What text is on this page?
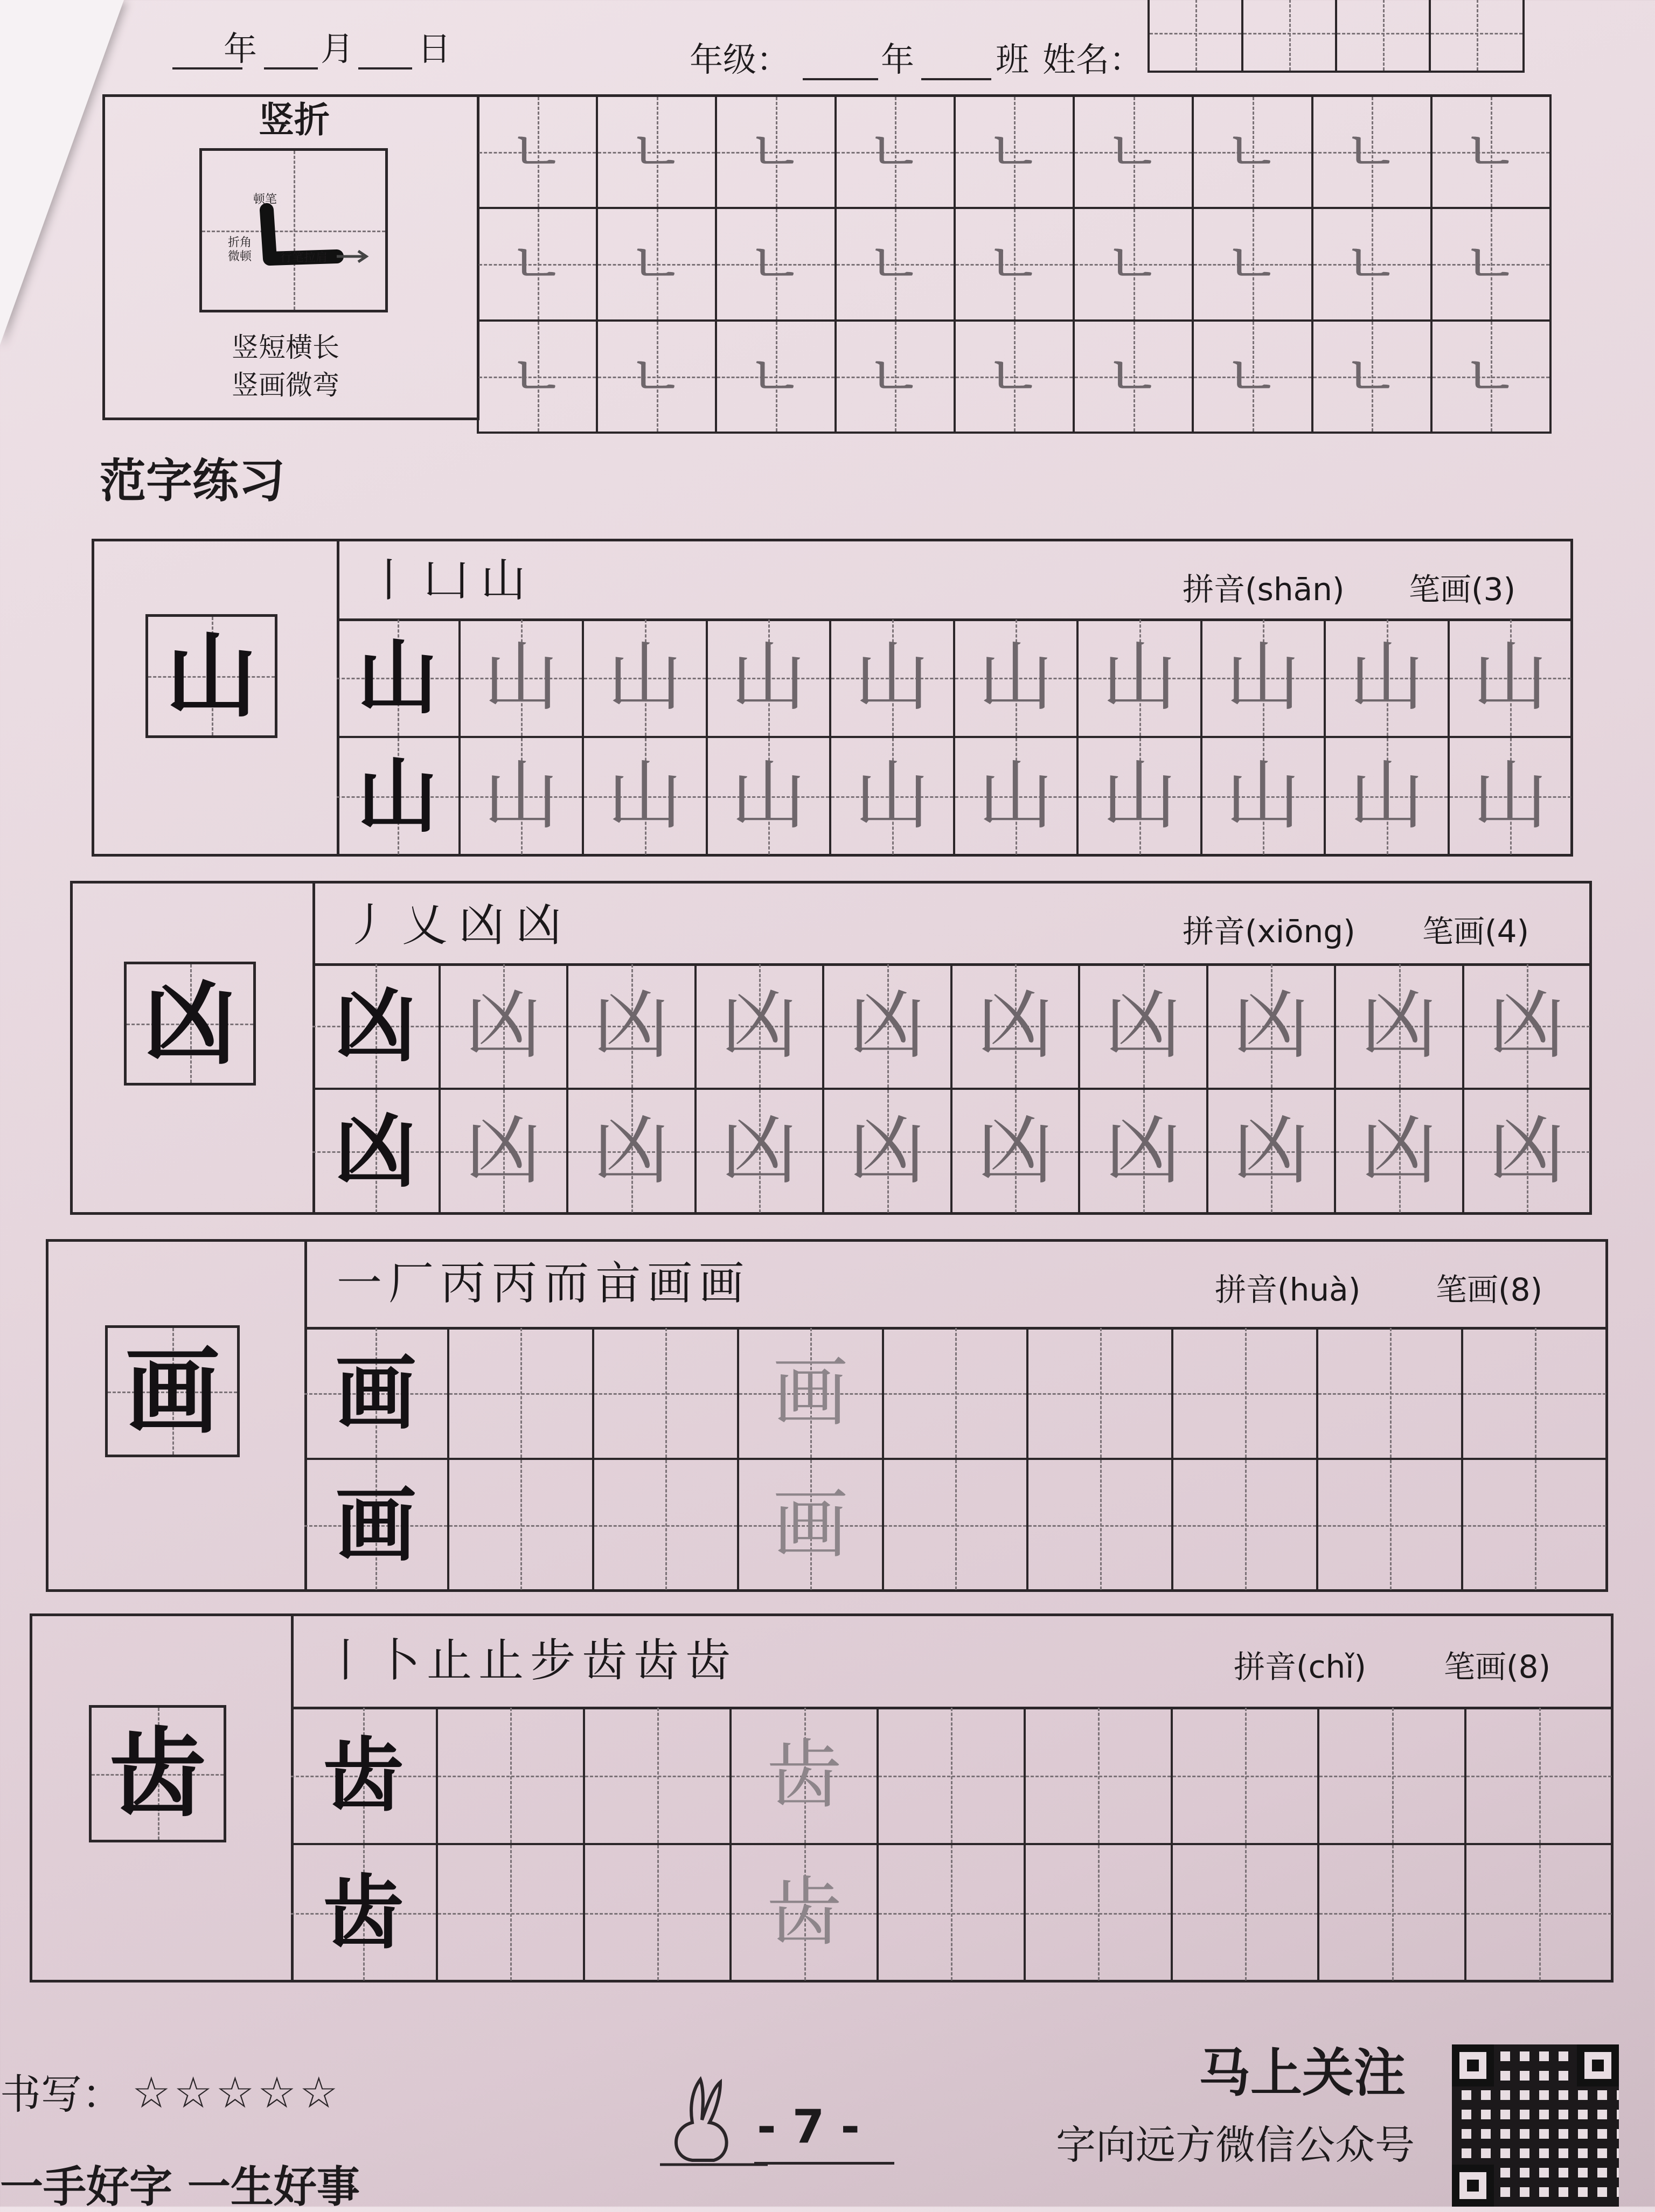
年 月 日	年级：	年 班 姓名：
竖折
顿笔
折角
微顿 行笔拉肩
竖短横长
竖画微弯
ㄴ	ㄴ	ㄴ	ㄴ	ㄴ	ㄴ	ㄴ	ㄴ	ㄴ
ㄴ	ㄴ	ㄴ	ㄴ	ㄴ	ㄴ	ㄴ	ㄴ	ㄴ
ㄴ	ㄴ	ㄴ	ㄴ	ㄴ	ㄴ	ㄴ	ㄴ	ㄴ
范字练习
山
丨凵山	拼音(shān) 笔画(3)
山 山 山 山 山 山 山 山 山 山
山 山 山 山 山 山 山 山 山 山
凶
丿乂凶凶	拼音(xiōng) 笔画(4)
凶 凶 凶 凶 凶 凶 凶 凶 凶 凶
凶 凶 凶 凶 凶 凶 凶 凶 凶 凶
画
一厂丙丙而亩画画	拼音(huà) 笔画(8)
画	画
画	画
齿
丨卜止止步齿齿齿	拼音(chǐ) 笔画(8)
齿	齿
齿	齿
书写： ☆☆☆☆☆
- 7 -
马上关注
字向远方微信公众号
一手好字 一生好事
